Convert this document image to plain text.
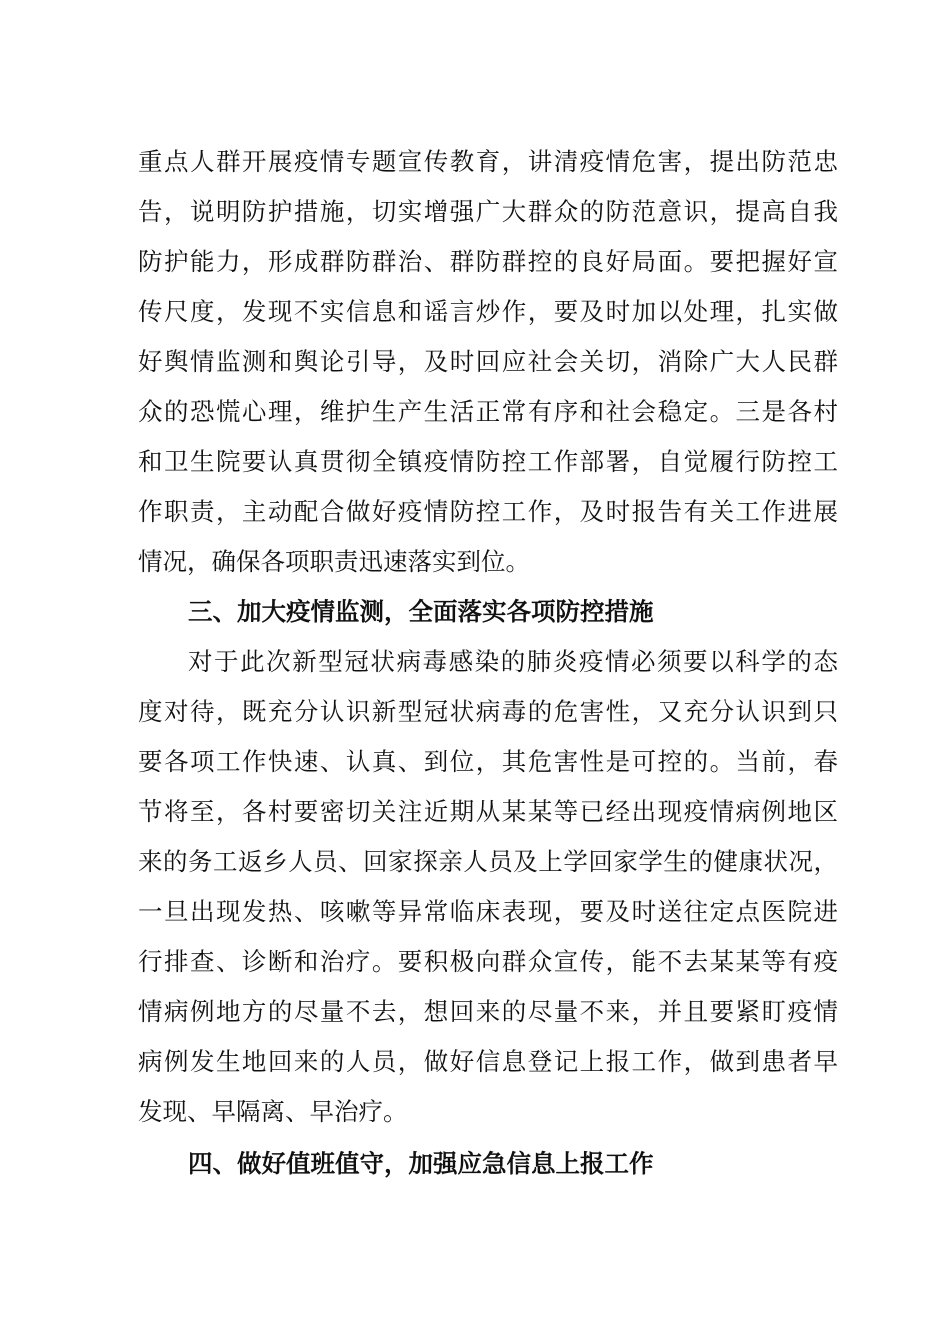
重点人群开展疫情专题宣传教育，讲清疫情危害，提出防范忠
告，说明防护措施，切实增强广大群众的防范意识，提高自我
防护能力，形成群防群治、群防群控的良好局面。要把握好宣
传尺度，发现不实信息和谣言炒作，要及时加以处理，扎实做
好舆情监测和舆论引导，及时回应社会关切，消除广大人民群
众的恐慌心理，维护生产生活正常有序和社会稳定。三是各村
和卫生院要认真贯彻全镇疫情防控工作部署，自觉履行防控工
作职责，主动配合做好疫情防控工作，及时报告有关工作进展
情况，确保各项职责迅速落实到位。
三、加大疫情监测，全面落实各项防控措施
对于此次新型冠状病毒感染的肺炎疫情必须要以科学的态
度对待，既充分认识新型冠状病毒的危害性，又充分认识到只
要各项工作快速、认真、到位，其危害性是可控的。当前，春
节将至，各村要密切关注近期从某某等已经出现疫情病例地区
来的务工返乡人员、回家探亲人员及上学回家学生的健康状况，
一旦出现发热、咳嗽等异常临床表现，要及时送往定点医院进
行排查、诊断和治疗。要积极向群众宣传，能不去某某等有疫
情病例地方的尽量不去，想回来的尽量不来，并且要紧盯疫情
病例发生地回来的人员，做好信息登记上报工作，做到患者早
发现、早隔离、早治疗。
四、做好值班值守，加强应急信息上报工作
